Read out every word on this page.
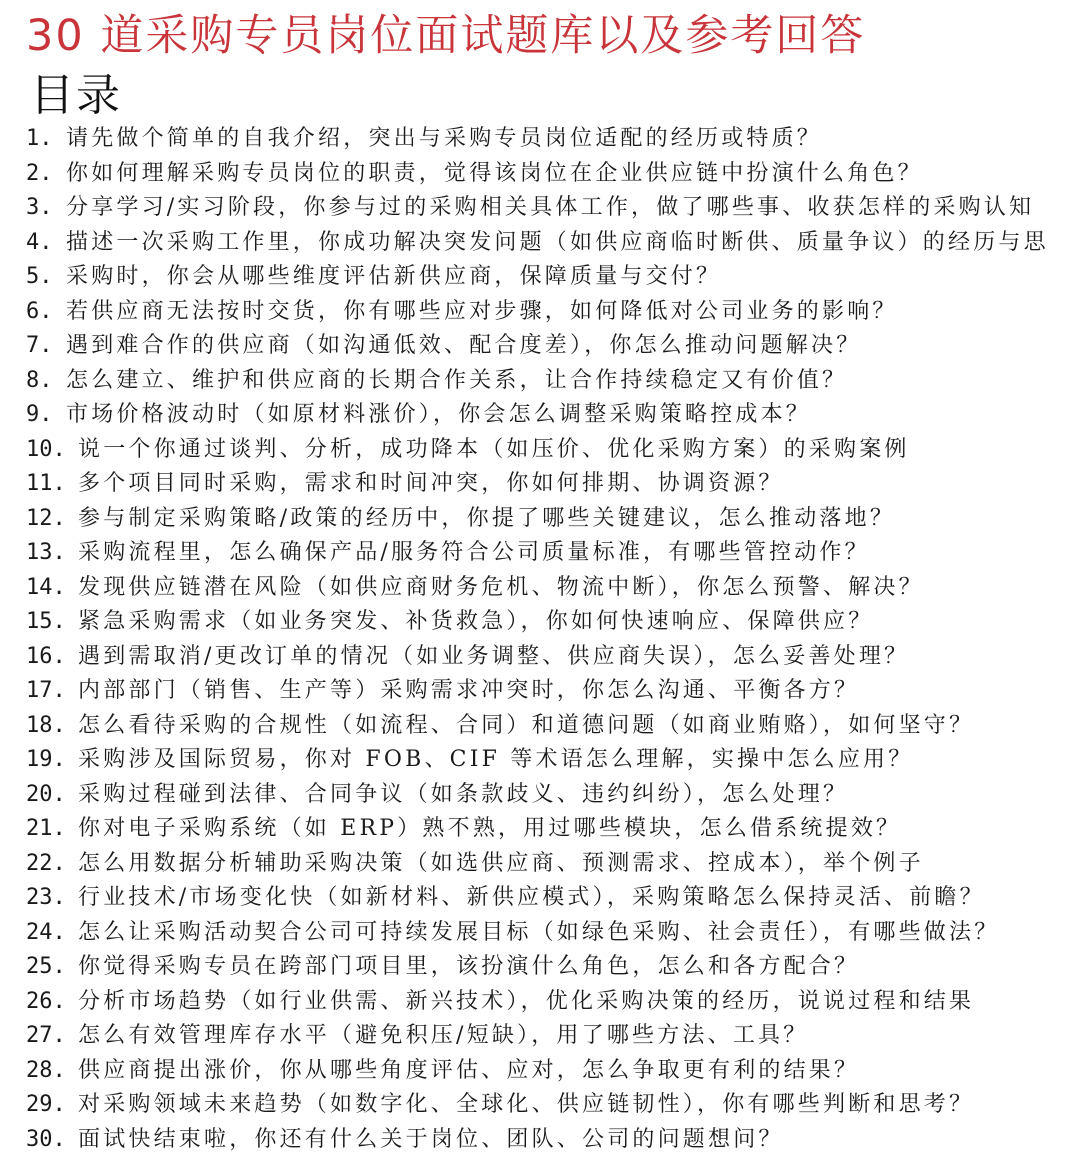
30 道采购专员岗位面试题库以及参考回答
目录
1. 请先做个简单的自我介绍，突出与采购专员岗位适配的经历或特质？
2. 你如何理解采购专员岗位的职责，觉得该岗位在企业供应链中扮演什么角色？
3. 分享学习/实习阶段，你参与过的采购相关具体工作，做了哪些事、收获怎样的采购认知
4. 描述一次采购工作里，你成功解决突发问题（如供应商临时断供、质量争议）的经历与思
5. 采购时，你会从哪些维度评估新供应商，保障质量与交付？
6. 若供应商无法按时交货，你有哪些应对步骤，如何降低对公司业务的影响？
7. 遇到难合作的供应商（如沟通低效、配合度差），你怎么推动问题解决？
8. 怎么建立、维护和供应商的长期合作关系，让合作持续稳定又有价值？
9. 市场价格波动时（如原材料涨价），你会怎么调整采购策略控成本？
10. 说一个你通过谈判、分析，成功降本（如压价、优化采购方案）的采购案例
11. 多个项目同时采购，需求和时间冲突，你如何排期、协调资源？
12. 参与制定采购策略/政策的经历中，你提了哪些关键建议，怎么推动落地？
13. 采购流程里，怎么确保产品/服务符合公司质量标准，有哪些管控动作？
14. 发现供应链潜在风险（如供应商财务危机、物流中断），你怎么预警、解决？
15. 紧急采购需求（如业务突发、补货救急），你如何快速响应、保障供应？
16. 遇到需取消/更改订单的情况（如业务调整、供应商失误），怎么妥善处理？
17. 内部部门（销售、生产等）采购需求冲突时，你怎么沟通、平衡各方？
18. 怎么看待采购的合规性（如流程、合同）和道德问题（如商业贿赂），如何坚守？
19. 采购涉及国际贸易，你对 FOB、CIF 等术语怎么理解，实操中怎么应用？
20. 采购过程碰到法律、合同争议（如条款歧义、违约纠纷），怎么处理？
21. 你对电子采购系统（如 ERP）熟不熟，用过哪些模块，怎么借系统提效？
22. 怎么用数据分析辅助采购决策（如选供应商、预测需求、控成本），举个例子
23. 行业技术/市场变化快（如新材料、新供应模式），采购策略怎么保持灵活、前瞻？
24. 怎么让采购活动契合公司可持续发展目标（如绿色采购、社会责任），有哪些做法？
25. 你觉得采购专员在跨部门项目里，该扮演什么角色，怎么和各方配合？
26. 分析市场趋势（如行业供需、新兴技术），优化采购决策的经历，说说过程和结果
27. 怎么有效管理库存水平（避免积压/短缺），用了哪些方法、工具？
28. 供应商提出涨价，你从哪些角度评估、应对，怎么争取更有利的结果？
29. 对采购领域未来趋势（如数字化、全球化、供应链韧性），你有哪些判断和思考？
30. 面试快结束啦，你还有什么关于岗位、团队、公司的问题想问？
